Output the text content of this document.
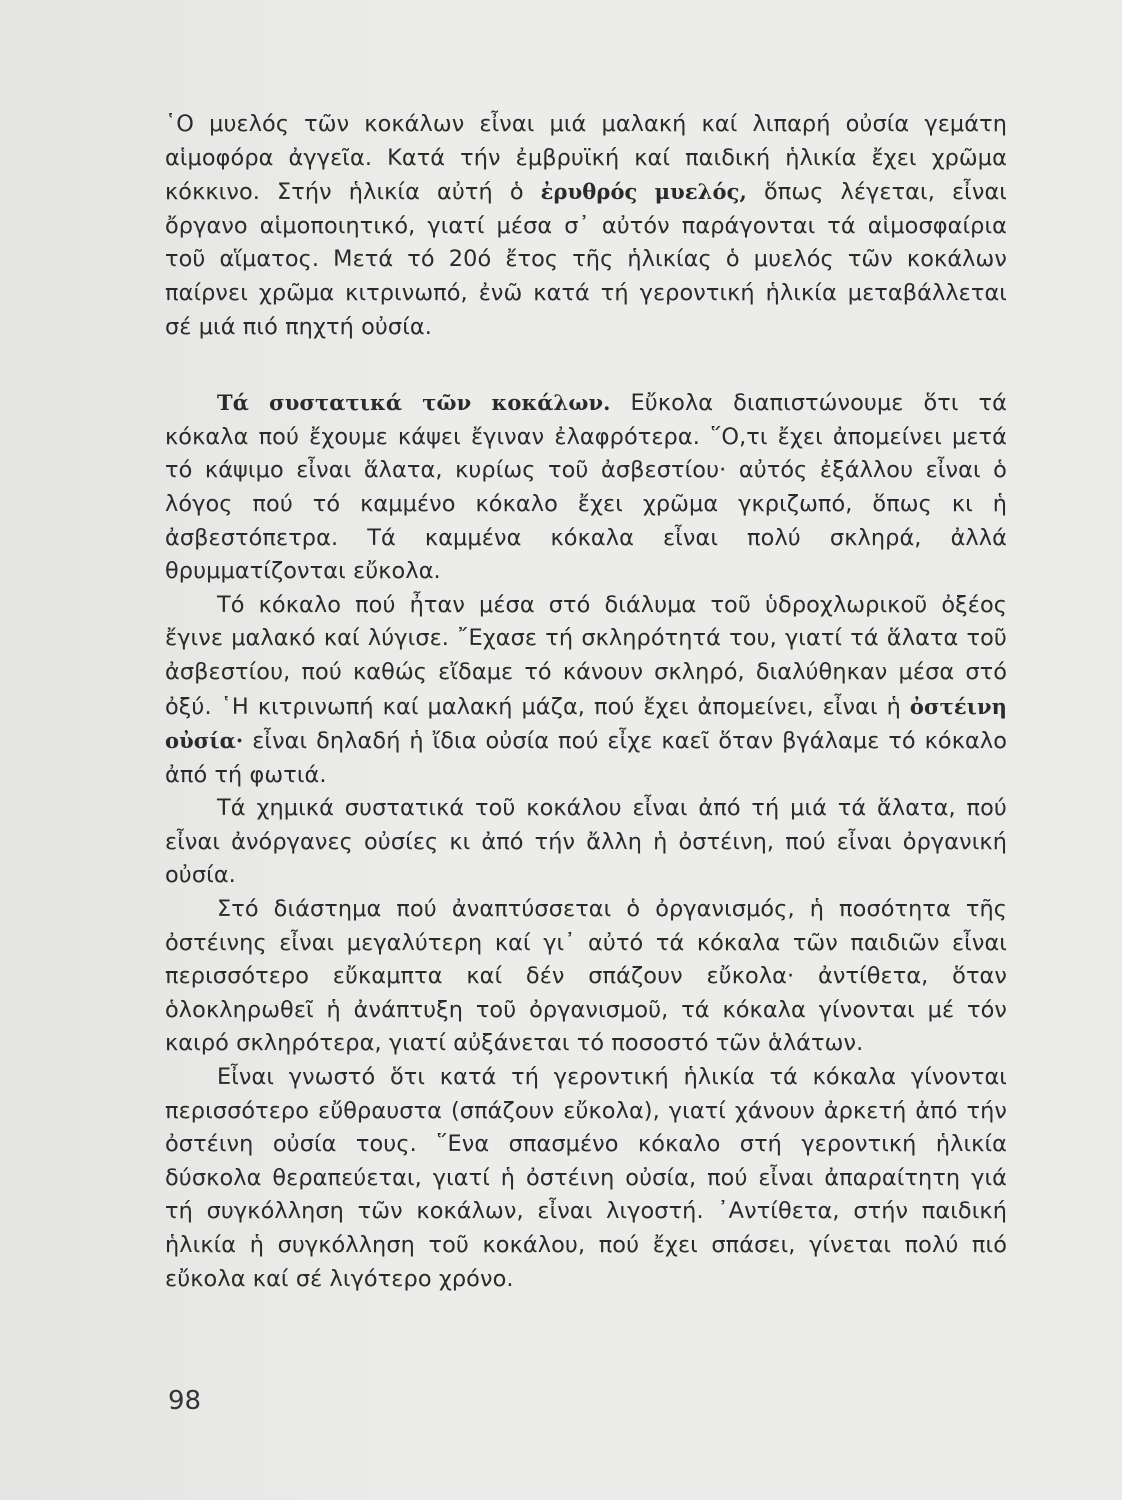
῾Ο μυελός τῶν κοκάλων εἶναι μιά μαλακή καί λιπαρή οὐσία γεμάτη αἱμοφόρα ἀγγεῖα. Κατά τήν ἐμβρυϊκή καί παιδική ἡλικία ἔχει χρῶμα κόκκινο. Στήν ἡλικία αὐτή ὁ ἐρυθρός μυελός, ὅπως λέγεται, εἶναι ὄργανο αἱμοποιητικό, γιατί μέσα σ᾿ αὐτόν παράγονται τά αἱμοσφαίρια τοῦ αἵματος. Μετά τό 20ό ἔτος τῆς ἡλικίας ὁ μυελός τῶν κοκάλων παίρνει χρῶμα κιτρινωπό, ἐνῶ κατά τή γεροντική ἡλικία μεταβάλλεται σέ μιά πιό πηχτή οὐσία.

Τά συστατικά τῶν κοκάλων. Εὔκολα διαπιστώνουμε ὅτι τά κόκαλα πού ἔχουμε κάψει ἔγιναν ἐλαφρότερα. ῞Ο,τι ἔχει ἀπομείνει μετά τό κάψιμο εἶναι ἅλατα, κυρίως τοῦ ἀσβεστίου· αὐτός ἐξάλλου εἶναι ὁ λόγος πού τό καμμένο κόκαλο ἔχει χρῶμα γκριζωπό, ὅπως κι ἡ ἀσβεστόπετρα. Τά καμμένα κόκαλα εἶναι πολύ σκληρά, ἀλλά θρυμματίζονται εὔκολα.

Τό κόκαλο πού ἦταν μέσα στό διάλυμα τοῦ ὑδροχλωρικοῦ ὀξέος ἔγινε μαλακό καί λύγισε. ῎Εχασε τή σκληρότητά του, γιατί τά ἅλατα τοῦ ἀσβεστίου, πού καθώς εἴδαμε τό κάνουν σκληρό, διαλύθηκαν μέσα στό ὀξύ. ῾Η κιτρινωπή καί μαλακή μάζα, πού ἔχει ἀπομείνει, εἶναι ἡ ὀστέινη οὐσία· εἶναι δηλαδή ἡ ἴδια οὐσία πού εἶχε καεῖ ὅταν βγάλαμε τό κόκαλο ἀπό τή φωτιά.

Τά χημικά συστατικά τοῦ κοκάλου εἶναι ἀπό τή μιά τά ἅλατα, πού εἶναι ἀνόργανες οὐσίες κι ἀπό τήν ἄλλη ἡ ὀστέινη, πού εἶναι ὀργανική οὐσία.

Στό διάστημα πού ἀναπτύσσεται ὁ ὀργανισμός, ἡ ποσότητα τῆς ὀστέινης εἶναι μεγαλύτερη καί γι᾿ αὐτό τά κόκαλα τῶν παιδιῶν εἶναι περισσότερο εὔκαμπτα καί δέν σπάζουν εὔκολα· ἀντίθετα, ὅταν ὁλοκληρωθεῖ ἡ ἀνάπτυξη τοῦ ὀργανισμοῦ, τά κόκαλα γίνονται μέ τόν καιρό σκληρότερα, γιατί αὐξάνεται τό ποσοστό τῶν ἁλάτων.

Εἶναι γνωστό ὅτι κατά τή γεροντική ἡλικία τά κόκαλα γίνονται περισσότερο εὔθραυστα (σπάζουν εὔκολα), γιατί χάνουν ἀρκετή ἀπό τήν ὀστέινη οὐσία τους. ῞Ενα σπασμένο κόκαλο στή γεροντική ἡλικία δύσκολα θεραπεύεται, γιατί ἡ ὀστέινη οὐσία, πού εἶναι ἀπαραίτητη γιά τή συγκόλληση τῶν κοκάλων, εἶναι λιγοστή. ᾿Αντίθετα, στήν παιδική ἡλικία ἡ συγκόλληση τοῦ κοκάλου, πού ἔχει σπάσει, γίνεται πολύ πιό εὔκολα καί σέ λιγότερο χρόνο.

98
